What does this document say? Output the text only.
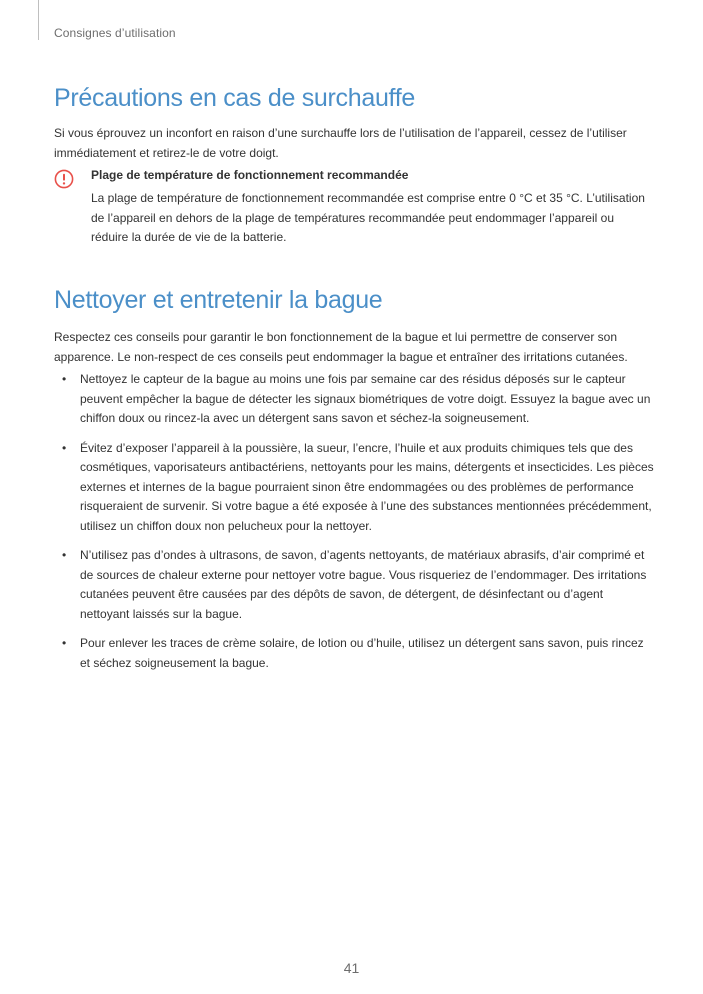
Consignes d’utilisation
Précautions en cas de surchauffe

Si vous éprouvez un inconfort en raison d’une surchauffe lors de l’utilisation de l’appareil, cessez de l’utiliser immédiatement et retirez-le de votre doigt.

Plage de température de fonctionnement recommandée

La plage de température de fonctionnement recommandée est comprise entre 0 °C et 35 °C. L’utilisation de l’appareil en dehors de la plage de températures recommandée peut endommager l’appareil ou réduire la durée de vie de la batterie.

Nettoyer et entretenir la bague

Respectez ces conseils pour garantir le bon fonctionnement de la bague et lui permettre de conserver son apparence. Le non-respect de ces conseils peut endommager la bague et entraîner des irritations cutanées.

• Nettoyez le capteur de la bague au moins une fois par semaine car des résidus déposés sur le capteur peuvent empêcher la bague de détecter les signaux biométriques de votre doigt. Essuyez la bague avec un chiffon doux ou rincez-la avec un détergent sans savon et séchez-la soigneusement.
• Évitez d’exposer l’appareil à la poussière, la sueur, l’encre, l’huile et aux produits chimiques tels que des cosmétiques, vaporisateurs antibactériens, nettoyants pour les mains, détergents et insecticides. Les pièces externes et internes de la bague pourraient sinon être endommagées ou des problèmes de performance risqueraient de survenir. Si votre bague a été exposée à l’une des substances mentionnées précédemment, utilisez un chiffon doux non pelucheux pour la nettoyer.
• N’utilisez pas d’ondes à ultrasons, de savon, d’agents nettoyants, de matériaux abrasifs, d’air comprimé et de sources de chaleur externe pour nettoyer votre bague. Vous risqueriez de l’endommager. Des irritations cutanées peuvent être causées par des dépôts de savon, de détergent, de désinfectant ou d’agent nettoyant laissés sur la bague.
• Pour enlever les traces de crème solaire, de lotion ou d’huile, utilisez un détergent sans savon, puis rincez et séchez soigneusement la bague.
41
